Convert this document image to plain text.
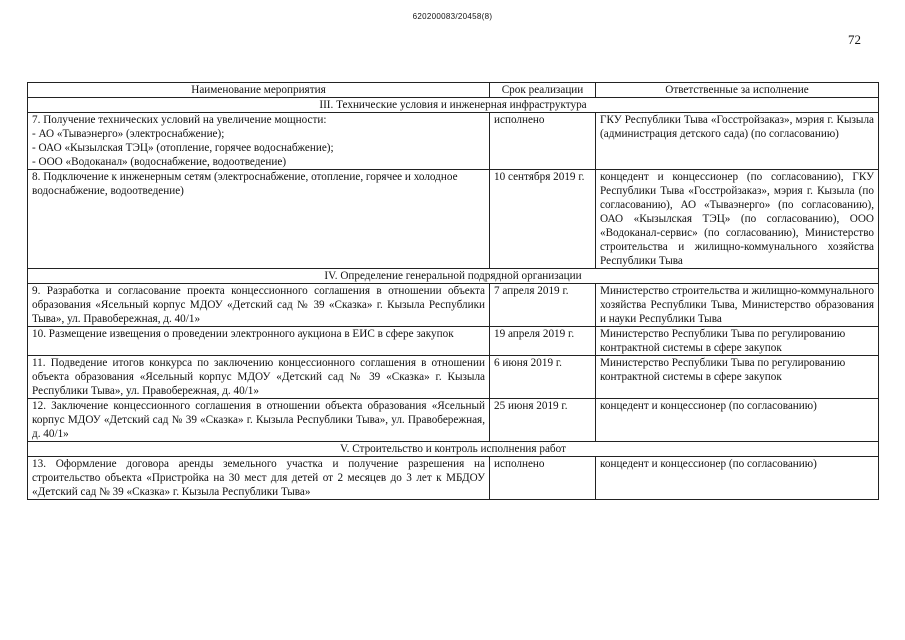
620200083/20458(8)
72
Наименование мероприятия	Срок реализации	Ответственные за исполнение
III. Технические условия и инженерная инфраструктура		

7. Получение технических условий на увеличение мощности:
- АО «Тываэнерго» (электроснабжение);
- ОАО «Кызылская ТЭЦ» (отопление, горячее водоснабжение);
- ООО «Водоканал» (водоснабжение, водоотведение)	исполнено	ГКУ Республики Тыва «Госстройзаказ», мэрия г. Кызыла (администрация детского сада) (по согласованию)

8. Подключение к инженерным сетям (электроснабжение, отопление, горячее и холодное водоснабжение, водоотведение)	10 сентября 2019 г.	концедент и концессионер (по согласованию), ГКУ Республики Тыва «Госстройзаказ», мэрия г. Кызыла (по согласованию), АО «Тываэнерго» (по согласованию), ОАО «Кызылская ТЭЦ» (по согласованию), ООО «Водоканал-сервис» (по согласованию), Министерство строительства и жилищно-коммунального хозяйства Республики Тыва
IV. Определение генеральной подрядной организации		

9. Разработка и согласование проекта концессионного соглашения в отношении объекта образования «Ясельный корпус МДОУ «Детский сад № 39 «Сказка» г. Кызыла Республики Тыва», ул. Правобережная, д. 40/1»	7 апреля 2019 г.	Министерство строительства и жилищно-коммунального хозяйства Республики Тыва, Министерство образования и науки Республики Тыва

10. Размещение извещения о проведении электронного аукциона в ЕИС в сфере закупок	19 апреля 2019 г.	Министерство Республики Тыва по регулированию контрактной системы в сфере закупок

11. Подведение итогов конкурса по заключению концессионного соглашения в отношении объекта образования «Ясельный корпус МДОУ «Детский сад № 39 «Сказка» г. Кызыла Республики Тыва», ул. Правобережная, д. 40/1»	6 июня 2019 г.	Министерство Республики Тыва по регулированию контрактной системы в сфере закупок

12. Заключение концессионного соглашения в отношении объекта образования «Ясельный корпус МДОУ «Детский сад № 39 «Сказка» г. Кызыла Республики Тыва», ул. Правобережная, д. 40/1»	25 июня 2019 г.	концедент и концессионер (по согласованию)
V. Строительство и контроль исполнения работ		

13. Оформление договора аренды земельного участка и получение разрешения на строительство объекта «Пристройка на 30 мест для детей от 2 месяцев до 3 лет к МБДОУ «Детский сад № 39 «Сказка» г. Кызыла Республики Тыва»	исполнено	концедент и концессионер (по согласованию)
